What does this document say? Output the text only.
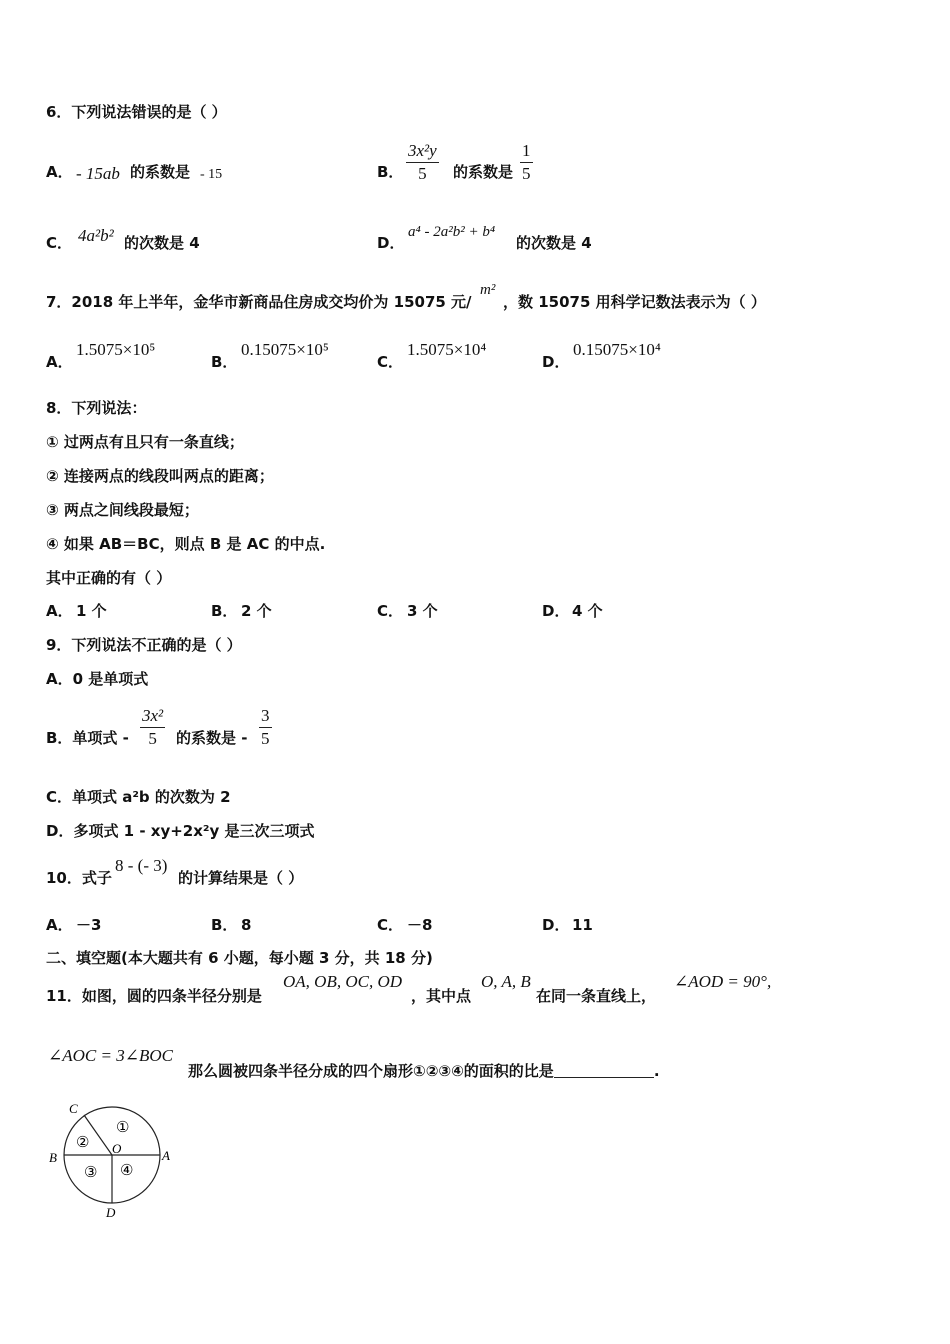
6．下列说法错误的是（ ）
A． - 15ab 的系数是 - 15	B． $\frac{\text{3x²y}}{5}$ 的系数是 $\frac{1}{5}$
C． 4a²b² 的次数是 4	D．
a⁴ - 2a²b² + b⁴
的次数是 4
7．2018 年上半年，金华市新商品住房成交均价为 15075 元/
m²
，数 15075 用科学记数法表示为（ ）
A．
1.5075×10⁵
B．
0.15075×10⁵
C．
1.5075×10⁴
D．
0.15075×10⁴
8．下列说法：
① 过两点有且只有一条直线；
② 连接两点的线段叫两点的距离；
③ 两点之间线段最短；
④ 如果 AB＝BC，则点 B 是 AC 的中点.
其中正确的有（ ）
A． 1 个	B． 2 个	C． 3 个	D． 4 个
9．下列说法不正确的是（ ）
A．0 是单项式
B．单项式 - $\frac{\text{3x²}}{5}$ 的系数是 - $\frac{3}{5}$
C．单项式 a²b 的次数为 2
D．多项式 1 - xy+2x²y 是三次三项式
10．式子
8 - (- 3)
的计算结果是（ ）
A． －3	B． 8	C． －8	D． 11
二、填空题(本大题共有 6 小题，每小题 3 分，共 18 分)
11．如图，圆的四条半径分别是
OA, OB, OC, OD
，其中点
O, A, B
在同一条直线上，
∠AOD = 90°,
∠AOC = 3∠BOC
那么圆被四条半径分成的四个扇形①②③④的面积的比是	.
C
B	A
D
O
①
②
③ ④
